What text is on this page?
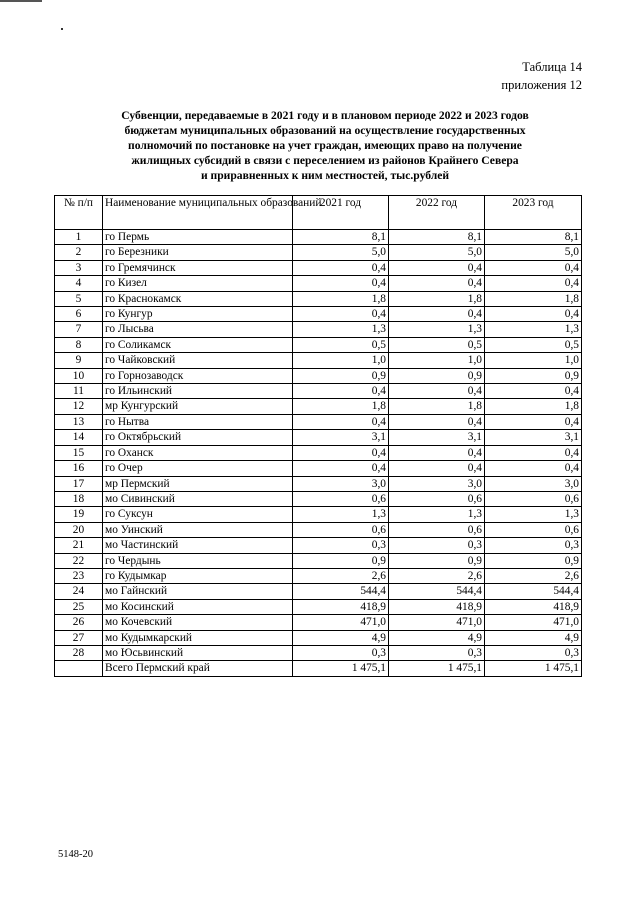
Таблица 14
приложения 12
Субвенции, передаваемые в 2021 году и в плановом периоде 2022 и 2023 годов
бюджетам муниципальных образований на осуществление государственных
полномочий по постановке на учет граждан, имеющих право на получение
жилищных субсидий в связи с переселением из районов Крайнего Севера
и приравненных к ним местностей, тыс.рублей
№ п/п	Наименование муниципальных образований	2021 год	2022 год	2023 год
1	го Пермь	8,1	8,1	8,1
2	го Березники	5,0	5,0	5,0
3	го Гремячинск	0,4	0,4	0,4
4	го Кизел	0,4	0,4	0,4
5	го Краснокамск	1,8	1,8	1,8
6	го Кунгур	0,4	0,4	0,4
7	го Лысьва	1,3	1,3	1,3
8	го Соликамск	0,5	0,5	0,5
9	го Чайковский	1,0	1,0	1,0
10	го Горнозаводск	0,9	0,9	0,9
11	го Ильинский	0,4	0,4	0,4
12	мр Кунгурский	1,8	1,8	1,8
13	го Нытва	0,4	0,4	0,4
14	го Октябрьский	3,1	3,1	3,1
15	го Оханск	0,4	0,4	0,4
16	го Очер	0,4	0,4	0,4
17	мр Пермский	3,0	3,0	3,0
18	мо Сивинский	0,6	0,6	0,6
19	го Суксун	1,3	1,3	1,3
20	мо Уинский	0,6	0,6	0,6
21	мо Частинский	0,3	0,3	0,3
22	го Чердынь	0,9	0,9	0,9
23	го Кудымкар	2,6	2,6	2,6
24	мо Гайнский	544,4	544,4	544,4
25	мо Косинский	418,9	418,9	418,9
26	мо Кочевский	471,0	471,0	471,0
27	мо Кудымкарский	4,9	4,9	4,9
28	мо Юсьвинский	0,3	0,3	0,3
	Всего Пермский край	1 475,1	1 475,1	1 475,1
5148-20
